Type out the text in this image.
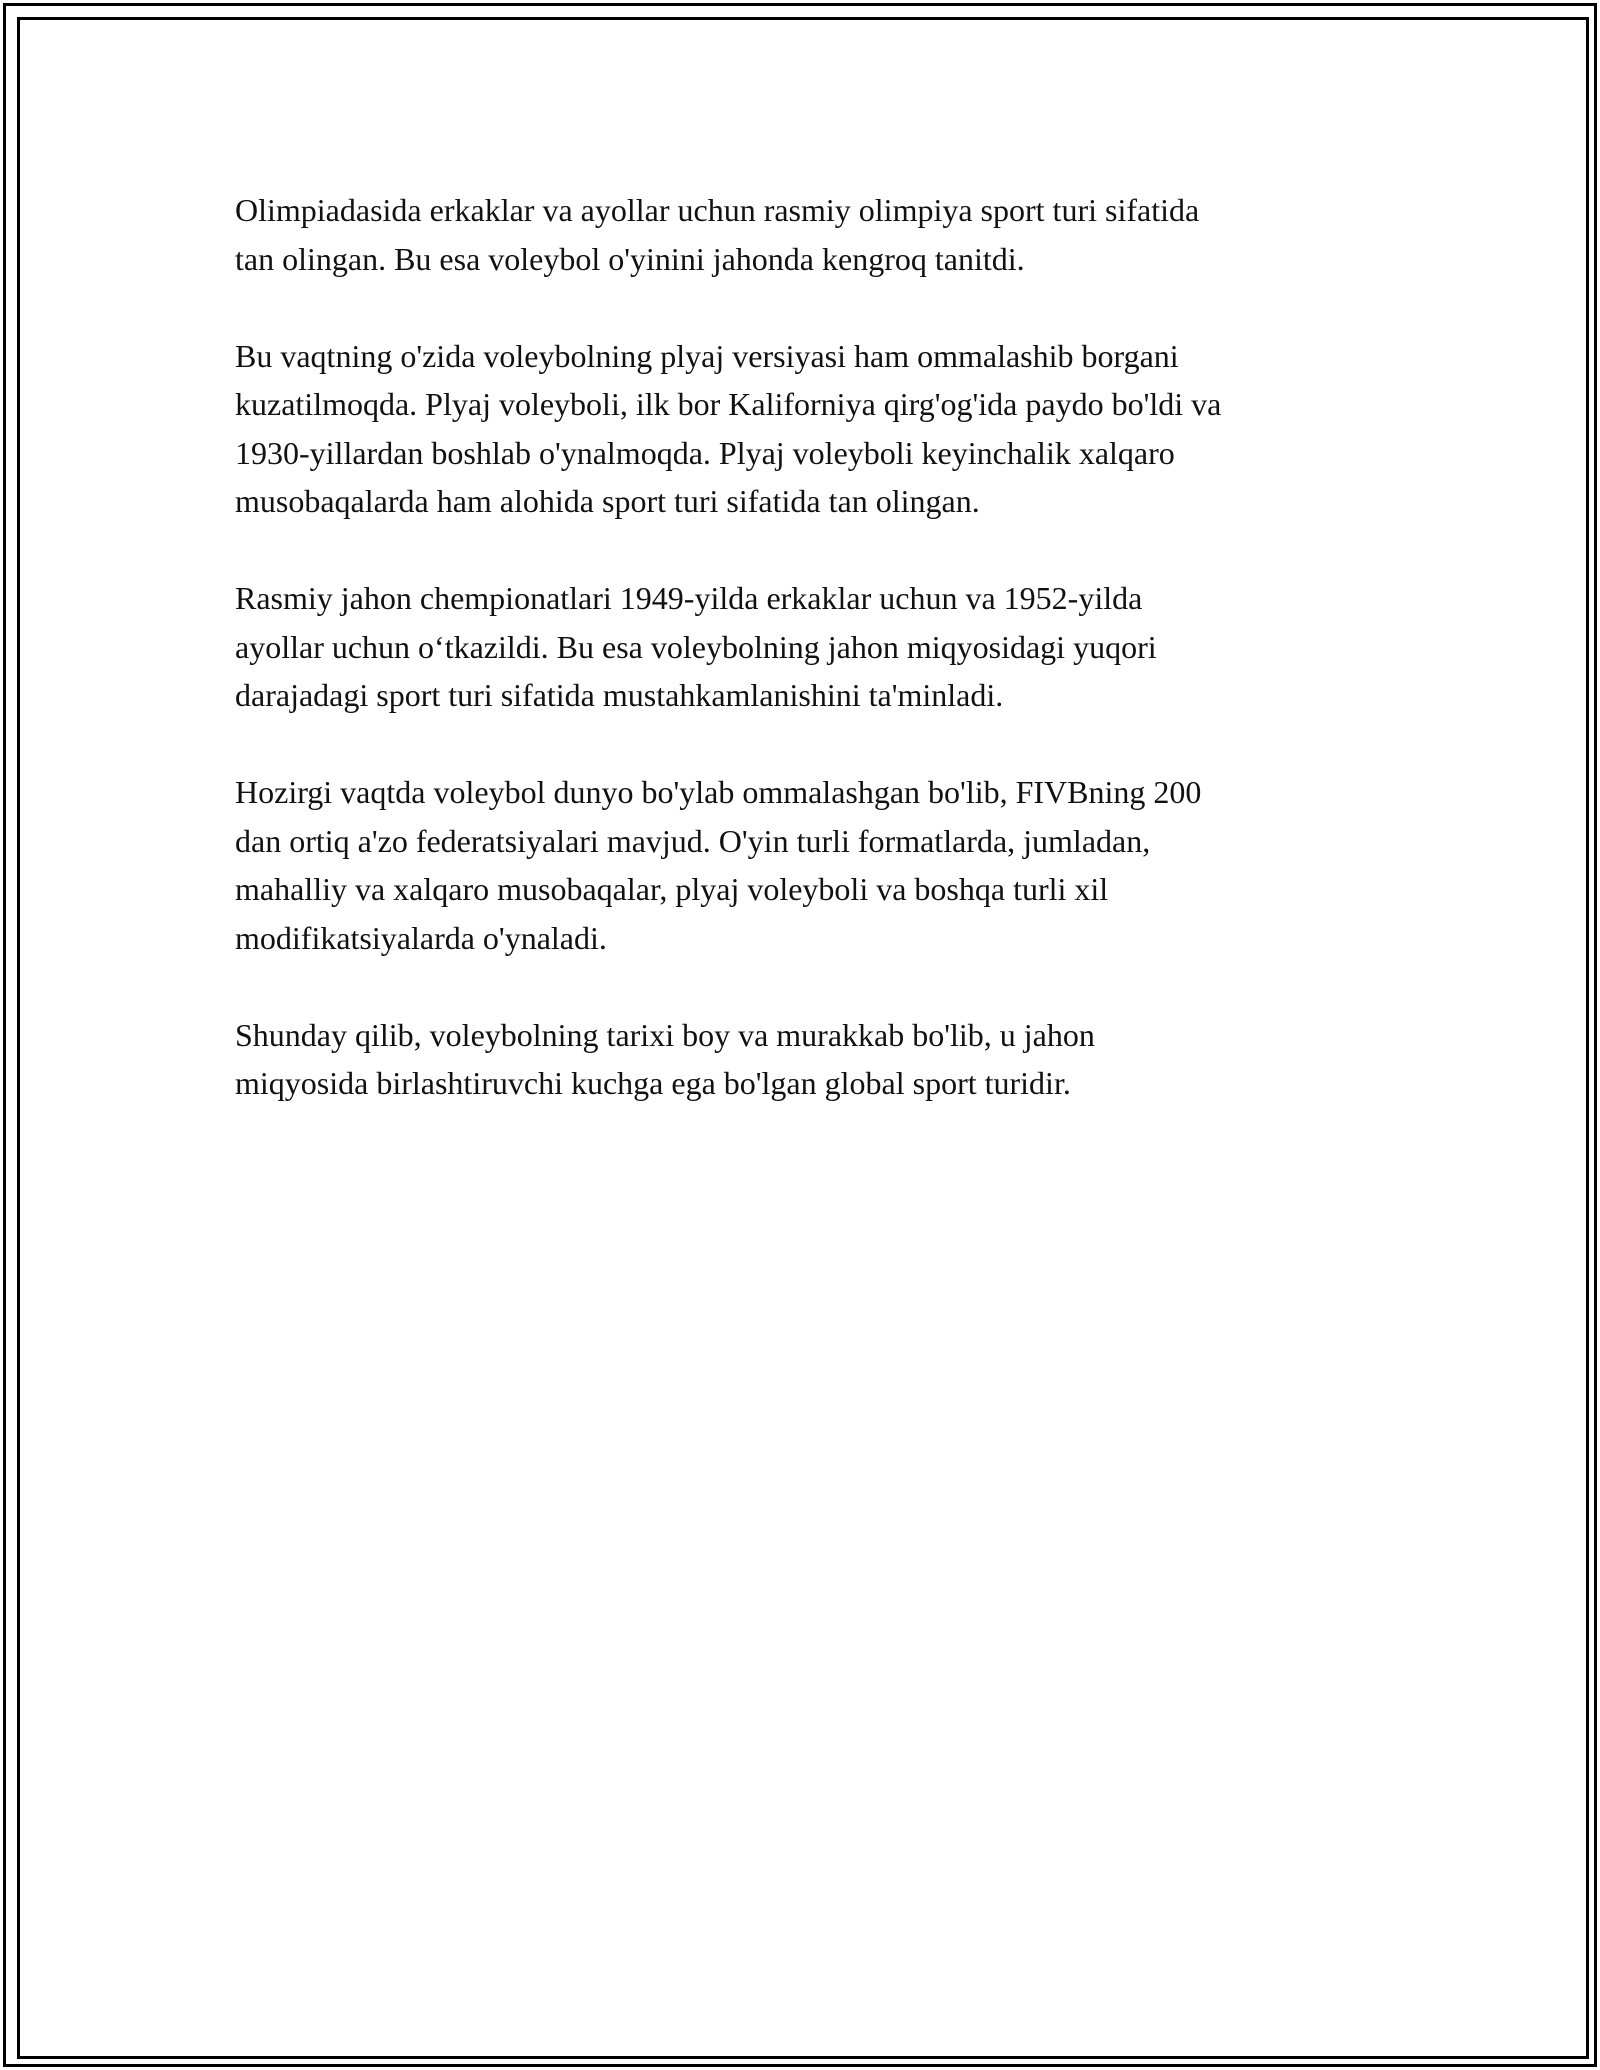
Olimpiadasida erkaklar va ayollar uchun rasmiy olimpiya sport turi sifatida
tan olingan. Bu esa voleybol o'yinini jahonda kengroq tanitdi.

Bu vaqtning o'zida voleybolning plyaj versiyasi ham ommalashib borgani
kuzatilmoqda. Plyaj voleyboli, ilk bor Kaliforniya qirg'og'ida paydo bo'ldi va
1930-yillardan boshlab o'ynalmoqda. Plyaj voleyboli keyinchalik xalqaro
musobaqalarda ham alohida sport turi sifatida tan olingan.

Rasmiy jahon chempionatlari 1949-yilda erkaklar uchun va 1952-yilda
ayollar uchun o‘tkazildi. Bu esa voleybolning jahon miqyosidagi yuqori
darajadagi sport turi sifatida mustahkamlanishini ta'minladi.

Hozirgi vaqtda voleybol dunyo bo'ylab ommalashgan bo'lib, FIVBning 200
dan ortiq a'zo federatsiyalari mavjud. O'yin turli formatlarda, jumladan,
mahalliy va xalqaro musobaqalar, plyaj voleyboli va boshqa turli xil
modifikatsiyalarda o'ynaladi.

Shunday qilib, voleybolning tarixi boy va murakkab bo'lib, u jahon
miqyosida birlashtiruvchi kuchga ega bo'lgan global sport turidir.
